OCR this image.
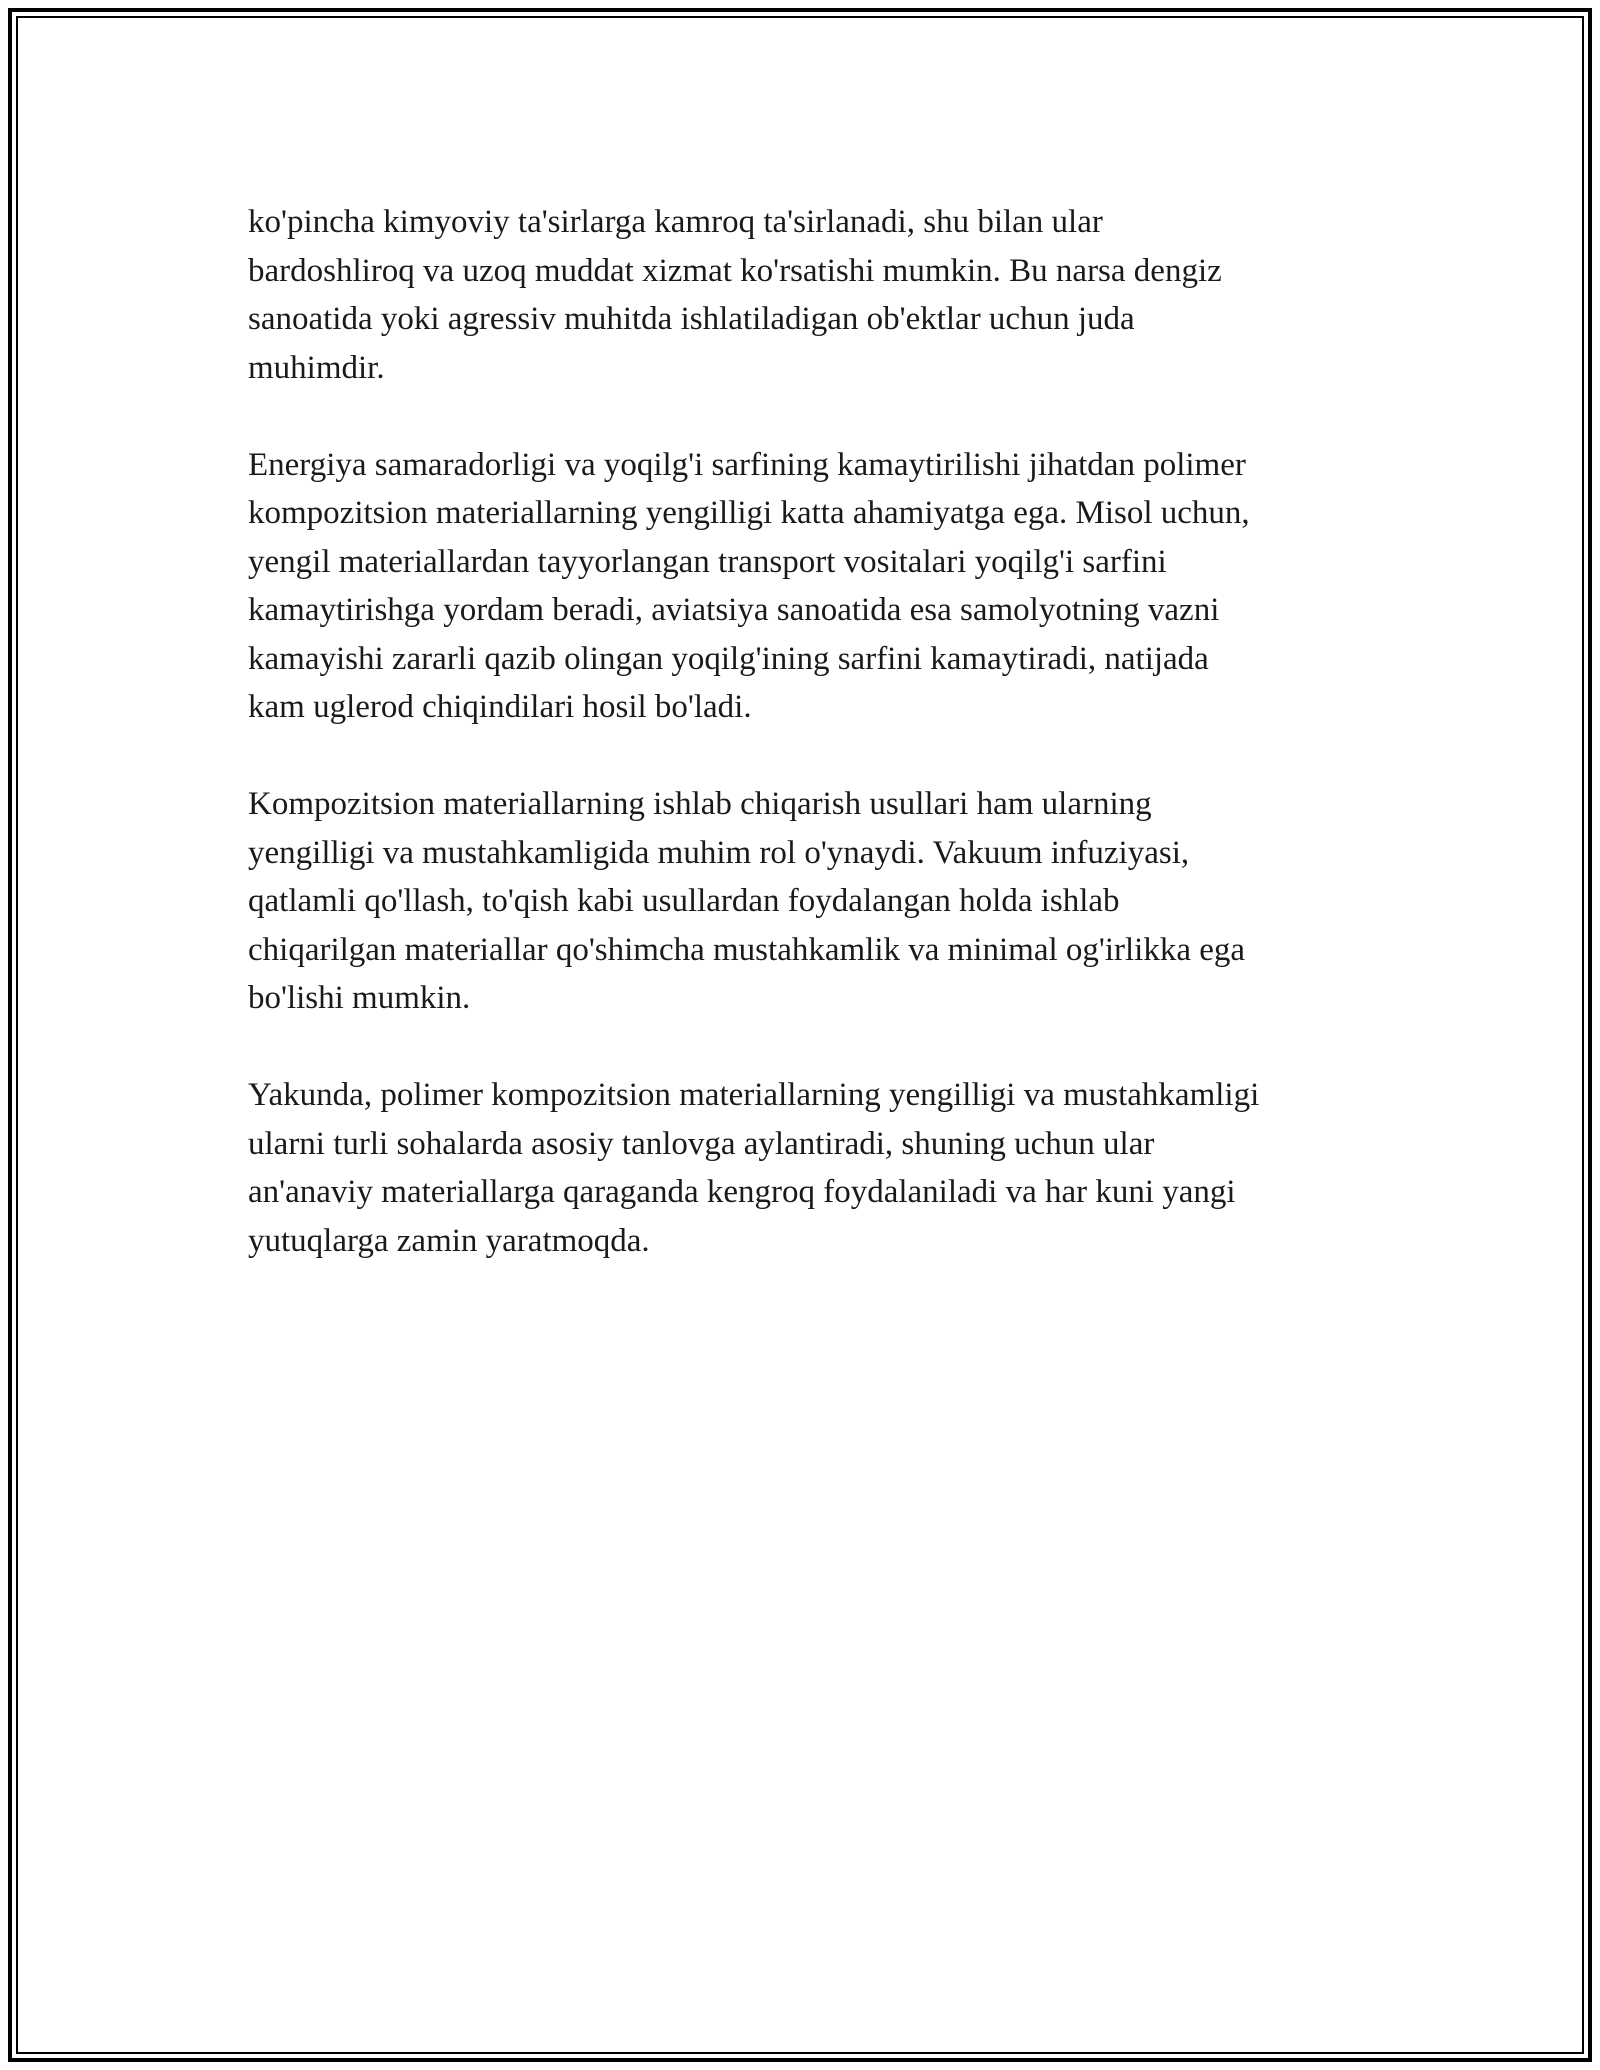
ko'pincha kimyoviy ta'sirlarga kamroq ta'sirlanadi, shu bilan ular
bardoshliroq va uzoq muddat xizmat ko'rsatishi mumkin. Bu narsa dengiz
sanoatida yoki agressiv muhitda ishlatiladigan ob'ektlar uchun juda
muhimdir.

Energiya samaradorligi va yoqilg'i sarfining kamaytirilishi jihatdan polimer
kompozitsion materiallarning yengilligi katta ahamiyatga ega. Misol uchun,
yengil materiallardan tayyorlangan transport vositalari yoqilg'i sarfini
kamaytirishga yordam beradi, aviatsiya sanoatida esa samolyotning vazni
kamayishi zararli qazib olingan yoqilg'ining sarfini kamaytiradi, natijada
kam uglerod chiqindilari hosil bo'ladi.

Kompozitsion materiallarning ishlab chiqarish usullari ham ularning
yengilligi va mustahkamligida muhim rol o'ynaydi. Vakuum infuziyasi,
qatlamli qo'llash, to'qish kabi usullardan foydalangan holda ishlab
chiqarilgan materiallar qo'shimcha mustahkamlik va minimal og'irlikka ega
bo'lishi mumkin.

Yakunda, polimer kompozitsion materiallarning yengilligi va mustahkamligi
ularni turli sohalarda asosiy tanlovga aylantiradi, shuning uchun ular
an'anaviy materiallarga qaraganda kengroq foydalaniladi va har kuni yangi
yutuqlarga zamin yaratmoqda.
